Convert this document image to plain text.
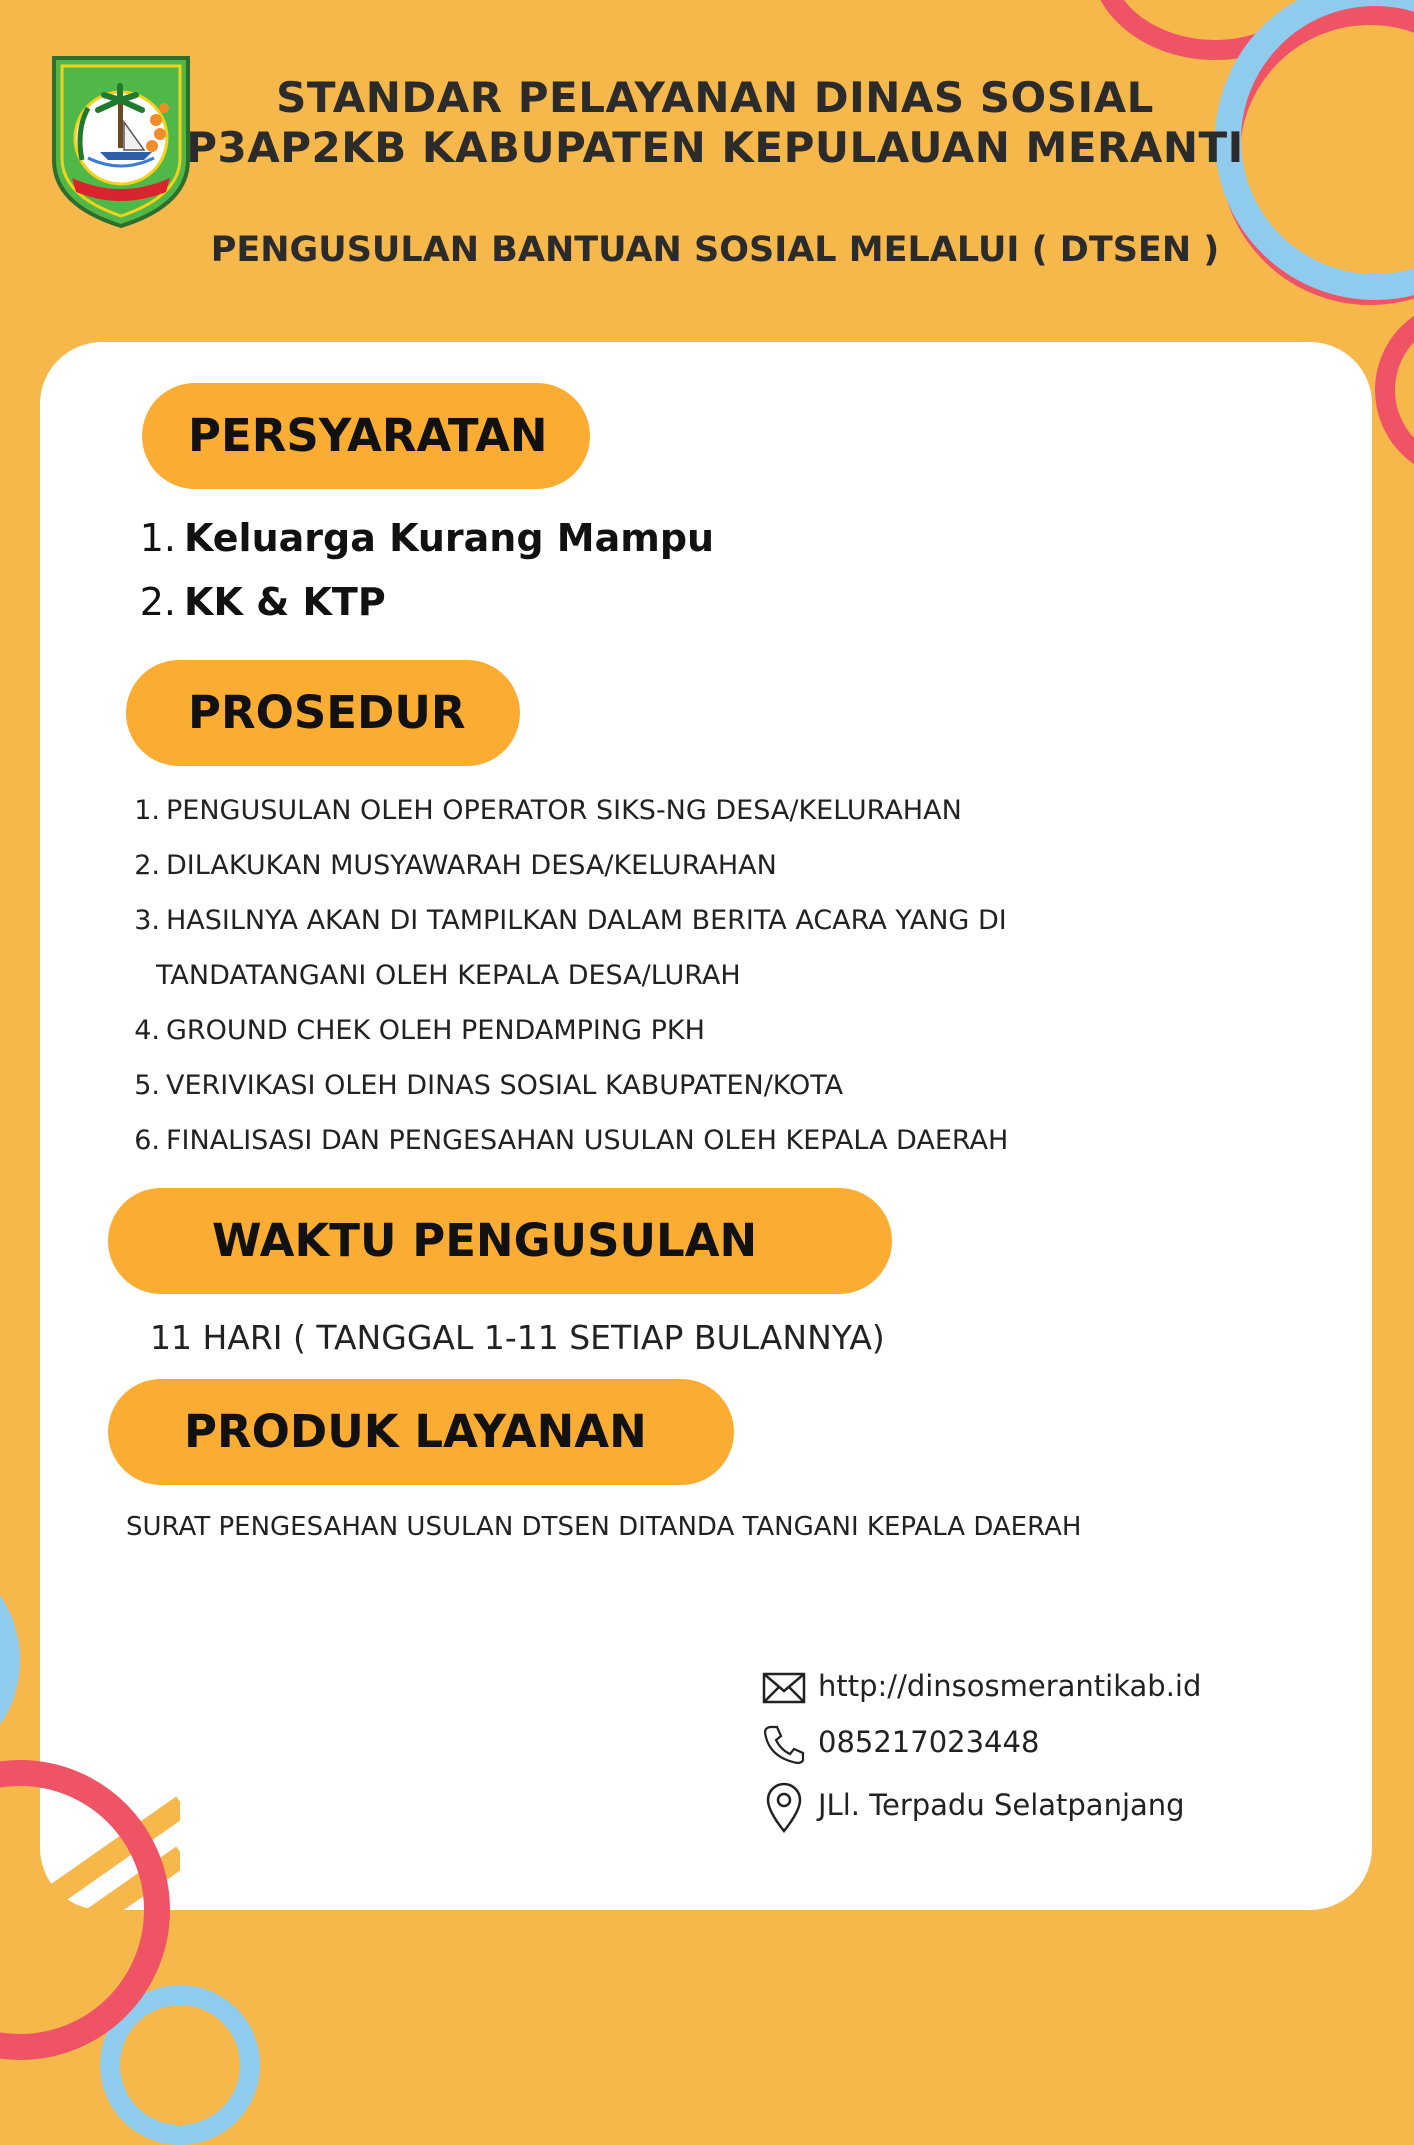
STANDAR PELAYANAN DINAS SOSIAL
P3AP2KB KABUPATEN KEPULAUAN MERANTI
PENGUSULAN BANTUAN SOSIAL MELALUI ( DTSEN )
PERSYARATAN
1. Keluarga Kurang Mampu
2. KK & KTP
PROSEDUR
1. PENGUSULAN OLEH OPERATOR SIKS-NG DESA/KELURAHAN
2. DILAKUKAN MUSYAWARAH DESA/KELURAHAN
3. HASILNYA AKAN DI TAMPILKAN DALAM BERITA ACARA YANG DI
TANDATANGANI OLEH KEPALA DESA/LURAH
4. GROUND CHEK OLEH PENDAMPING PKH
5. VERIVIKASI OLEH DINAS SOSIAL KABUPATEN/KOTA
6. FINALISASI DAN PENGESAHAN USULAN OLEH KEPALA DAERAH
WAKTU PENGUSULAN
11 HARI ( TANGGAL 1-11 SETIAP BULANNYA)
PRODUK LAYANAN
SURAT PENGESAHAN USULAN DTSEN DITANDA TANGANI KEPALA DAERAH
http://dinsosmerantikab.id
085217023448
JLl. Terpadu Selatpanjang
